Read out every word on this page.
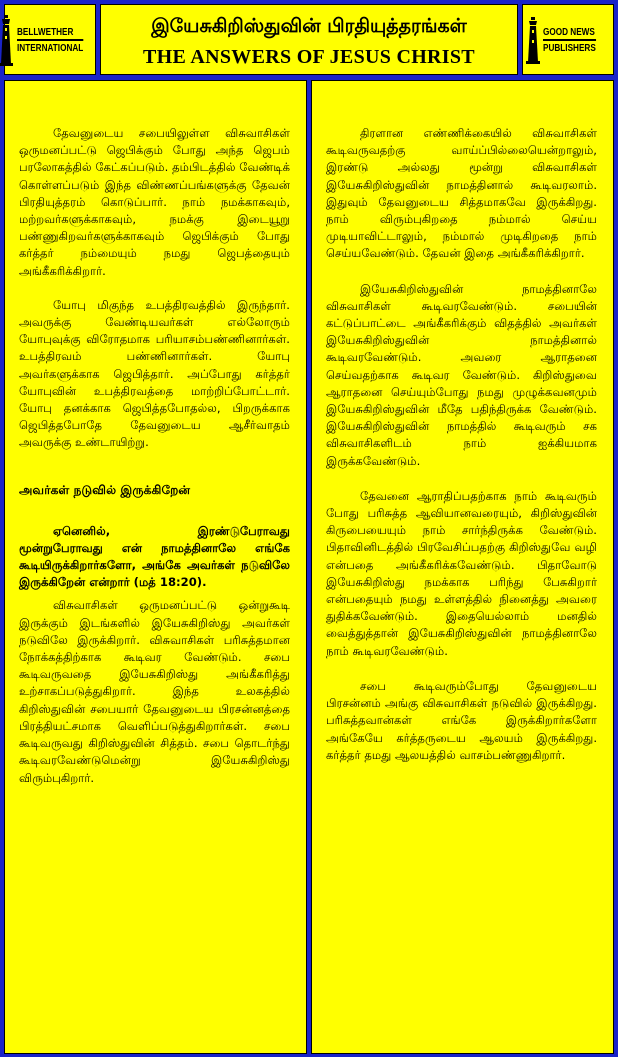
BELLWETHER
INTERNATIONAL
இயேசுகிறிஸ்துவின் பிரதியுத்தரங்கள்
THE ANSWERS OF JESUS CHRIST
GOOD NEWS
PUBLISHERS

தேவனுடைய சபையிலுள்ள விசுவாசிகள் ஒருமனப்பட்டு ஜெபிக்கும் போது அந்த ஜெபம் பரலோகத்தில் கேட்கப்படும். தம்பிடத்தில் வேண்டிக் கொள்ளப்படும் இந்த விண்ணப்பங்களுக்கு தேவன் பிரதியுத்தரம் கொடுப்பார். நாம் நமக்காகவும், மற்றவர்களுக்காகவும், நமக்கு இடையூறு பண்ணுகிறவர்களுக்காகவும் ஜெபிக்கும் போது கர்த்தர் நம்மையும் நமது ஜெபத்தையும் அங்கீகரிக்கிறார்.

யோபு மிகுந்த உபத்திரவத்தில் இருந்தார். அவருக்கு வேண்டியவர்கள் எல்லோரும் யோபுவுக்கு விரோதமாக பரியாசம்பண்ணினார்கள். உபத்திரவம் பண்ணினார்கள். யோபு அவர்களுக்காக ஜெபித்தார். அப்போது கர்த்தர் யோபுவின் உபத்திரவத்தை மாற்றிப்போட்டார். யோபு தனக்காக ஜெபித்தபோதல்ல, பிறருக்காக ஜெபித்தபோதே தேவனுடைய ஆசீர்வாதம் அவருக்கு உண்டாயிற்று.

அவர்கள் நடுவில் இருக்கிறேன்

ஏனெனில், இரண்டுபேராவது மூன்றுபேராவது என் நாமத்தினாலே எங்கே கூடியிருக்கிறார்களோ, அங்கே அவர்கள் நடுவிலே இருக்கிறேன் என்றார் (மத் 18:20).

விசுவாசிகள் ஒருமனப்பட்டு ஒன்றுகூடி இருக்கும் இடங்களில் இயேசுகிறிஸ்து அவர்கள் நடுவிலே இருக்கிறார். விசுவாசிகள் பரிசுத்தமான நோக்கத்திற்காக கூடிவர வேண்டும். சபை கூடிவருவதை இயேசுகிறிஸ்து அங்கீகரித்து உற்சாகப்படுத்துகிறார். இந்த உலகத்தில் கிறிஸ்துவின் சபையார் தேவனுடைய பிரசன்னத்தை பிரத்தியட்சமாக வெளிப்படுத்துகிறார்கள். சபை கூடிவருவது கிறிஸ்துவின் சித்தம். சபை தொடர்ந்து கூடிவரவேண்டுமென்று இயேசுகிறிஸ்து விரும்புகிறார்.

திரளான எண்ணிக்கையில் விசுவாசிகள் கூடிவருவதற்கு வாய்ப்பில்லையென்றாலும், இரண்டு அல்லது மூன்று விசுவாசிகள் இயேசுகிறிஸ்துவின் நாமத்தினால் கூடிவரலாம். இதுவும் தேவனுடைய சித்தமாகவே இருக்கிறது. நாம் விரும்புகிறதை நம்மால் செய்ய முடியாவிட்டாலும், நம்மால் முடிகிறதை நாம் செய்யவேண்டும். தேவன் இதை அங்கீகரிக்கிறார்.

இயேசுகிறிஸ்துவின் நாமத்தினாலே விசுவாசிகள் கூடிவரவேண்டும். சபையின் கட்டுப்பாட்டை அங்கீகரிக்கும் விதத்தில் அவர்கள் இயேசுகிறிஸ்துவின் நாமத்தினால் கூடிவரவேண்டும். அவரை ஆராதனை செய்வதற்காக கூடிவர வேண்டும். கிறிஸ்துவை ஆராதனை செய்யும்போது நமது முழுக்கவனமும் இயேசுகிறிஸ்துவின் மீதே பதிந்திருக்க வேண்டும். இயேசுகிறிஸ்துவின் நாமத்தில் கூடிவரும் சக விசுவாசிகளிடம் நாம் ஐக்கியமாக இருக்கவேண்டும்.

தேவனை ஆராதிப்பதற்காக நாம் கூடிவரும் போது பரிசுத்த ஆவியானவரையும், கிறிஸ்துவின் கிருபையையும் நாம் சார்ந்திருக்க வேண்டும். பிதாவினிடத்தில் பிரவேசிப்பதற்கு கிறிஸ்துவே வழி என்பதை அங்கீகரிக்கவேண்டும். பிதாவோடு இயேசுகிறிஸ்து நமக்காக பரிந்து பேசுகிறார் என்பதையும் நமது உள்ளத்தில் நினைத்து அவரை துதிக்கவேண்டும். இதையெல்லாம் மனதில் வைத்துத்தான் இயேசுகிறிஸ்துவின் நாமத்தினாலே நாம் கூடிவரவேண்டும்.

சபை கூடிவரும்போது தேவனுடைய பிரசன்னம் அங்கு விசுவாசிகள் நடுவில் இருக்கிறது. பரிசுத்தவான்கள் எங்கே இருக்கிறார்களோ அங்கேயே கர்த்தருடைய ஆலயம் இருக்கிறது. கர்த்தர் தமது ஆலயத்தில் வாசம்பண்ணுகிறார்.
